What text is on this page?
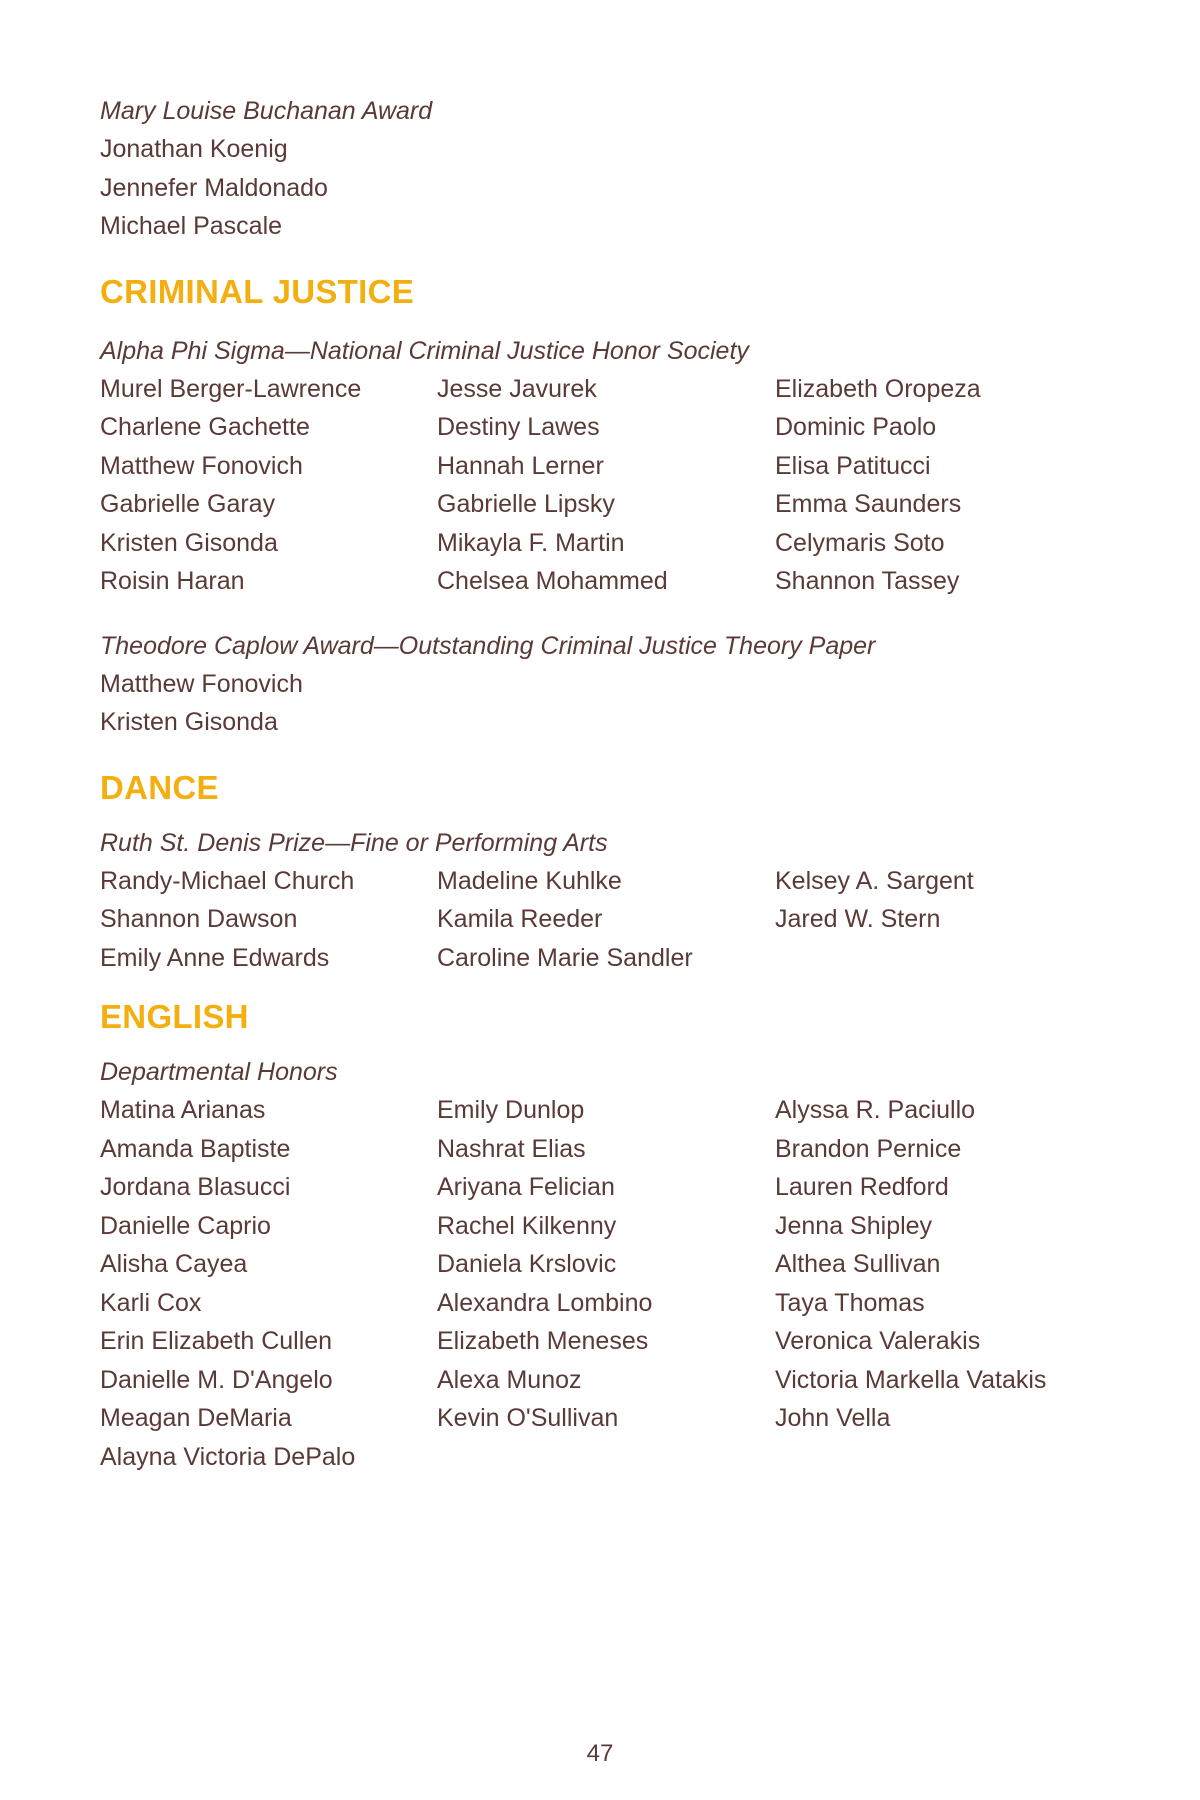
Mary Louise Buchanan Award

Jonathan Koenig
Jennefer Maldonado
Michael Pascale
CRIMINAL JUSTICE

Alpha Phi Sigma—National Criminal Justice Honor Society

Murel Berger-Lawrence
Charlene Gachette
Matthew Fonovich
Gabrielle Garay
Kristen Gisonda
Roisin Haran
Jesse Javurek
Destiny Lawes
Hannah Lerner
Gabrielle Lipsky
Mikayla F. Martin
Chelsea Mohammed
Elizabeth Oropeza
Dominic Paolo
Elisa Patitucci
Emma Saunders
Celymaris Soto
Shannon Tassey

Theodore Caplow Award—Outstanding Criminal Justice Theory Paper

Matthew Fonovich
Kristen Gisonda
DANCE

Ruth St. Denis Prize—Fine or Performing Arts

Randy-Michael Church
Shannon Dawson
Emily Anne Edwards
Madeline Kuhlke
Kamila Reeder
Caroline Marie Sandler
Kelsey A. Sargent
Jared W. Stern
ENGLISH

Departmental Honors

Matina Arianas
Amanda Baptiste
Jordana Blasucci
Danielle Caprio
Alisha Cayea
Karli Cox
Erin Elizabeth Cullen
Danielle M. D'Angelo
Meagan DeMaria
Alayna Victoria DePalo
Emily Dunlop
Nashrat Elias
Ariyana Felician
Rachel Kilkenny
Daniela Krslovic
Alexandra Lombino
Elizabeth Meneses
Alexa Munoz
Kevin O'Sullivan
Alyssa R. Paciullo
Brandon Pernice
Lauren Redford
Jenna Shipley
Althea Sullivan
Taya Thomas
Veronica Valerakis
Victoria Markella Vatakis
John Vella
47
